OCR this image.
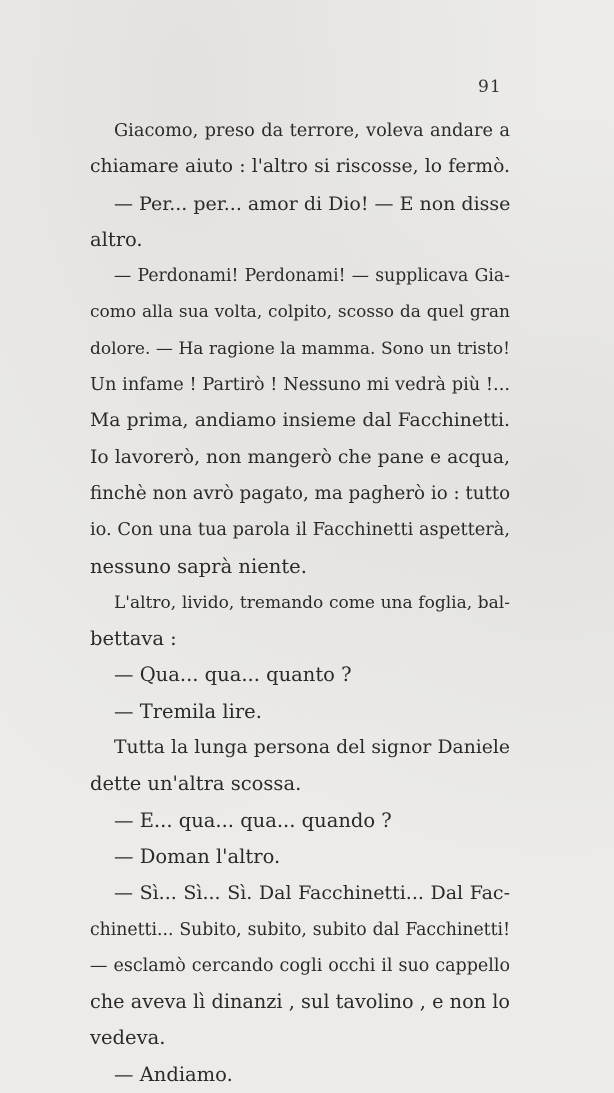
91
Giacomo, preso da terrore, voleva andare a
chiamare aiuto : l'altro si riscosse, lo fermò.
— Per... per... amor di Dio! — E non disse
altro.
— Perdonami! Perdonami! — supplicava Gia-
como alla sua volta, colpito, scosso da quel gran
dolore. — Ha ragione la mamma. Sono un tristo!
Un infame ! Partirò ! Nessuno mi vedrà più !...
Ma prima, andiamo insieme dal Facchinetti.
Io lavorerò, non mangerò che pane e acqua,
finchè non avrò pagato, ma pagherò io : tutto
io. Con una tua parola il Facchinetti aspetterà,
nessuno saprà niente.
L'altro, livido, tremando come una foglia, bal-
bettava :
— Qua... qua... quanto ?
— Tremila lire.
Tutta la lunga persona del signor Daniele
dette un'altra scossa.
— E... qua... qua... quando ?
— Doman l'altro.
— Sì... Sì... Sì. Dal Facchinetti... Dal Fac-
chinetti... Subito, subito, subito dal Facchinetti!
— esclamò cercando cogli occhi il suo cappello
che aveva lì dinanzi , sul tavolino , e non lo
vedeva.
— Andiamo.
